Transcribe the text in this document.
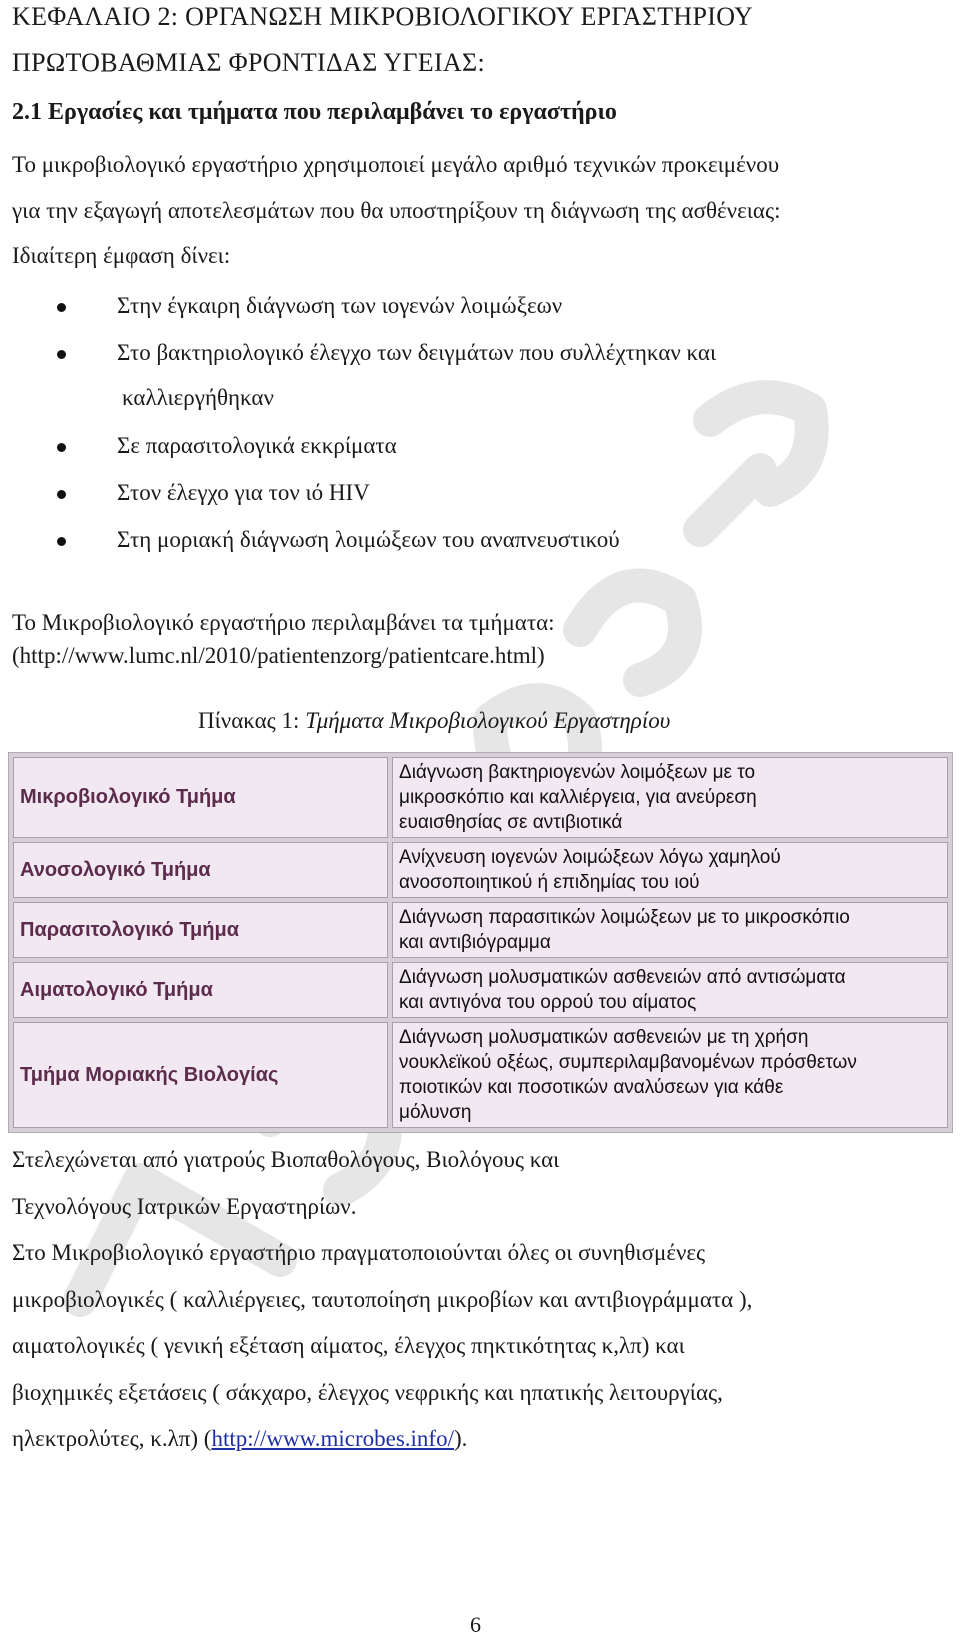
ΚΕΦΑΛΑΙΟ 2: ΟΡΓΑΝΩΣΗ ΜΙΚΡΟΒΙΟΛΟΓΙΚΟΥ ΕΡΓΑΣΤΗΡΙΟΥ
ΠΡΩΤΟΒΑΘΜΙΑΣ ΦΡΟΝΤΙΔΑΣ ΥΓΕΙΑΣ:
2.1 Εργασίες και τμήματα που περιλαμβάνει το εργαστήριο
Το μικροβιολογικό εργαστήριο χρησιμοποιεί μεγάλο αριθμό τεχνικών προκειμένου
για την εξαγωγή αποτελεσμάτων που θα υποστηρίξουν τη διάγνωση της ασθένειας:
Ιδιαίτερη έμφαση δίνει:
Στην έγκαιρη διάγνωση των ιογενών λοιμώξεων
Στο βακτηριολογικό έλεγχο των δειγμάτων που συλλέχτηκαν και
καλλιεργήθηκαν
Σε παρασιτολογικά εκκρίματα
Στον έλεγχο για τον ιό HIV
Στη μοριακή διάγνωση λοιμώξεων του αναπνευστικού
Το Μικροβιολογικό εργαστήριο περιλαμβάνει τα τμήματα:
(http://www.lumc.nl/2010/patientenzorg/patientcare.html)
Πίνακας 1: Τμήματα Μικροβιολογικού Εργαστηρίου
Μικροβιολογικό Τμήμα	Διάγνωση βακτηριογενών λοιμόξεων με το
μικροσκόπιο και καλλιέργεια, για ανεύρεση
ευαισθησίας σε αντιβιοτικά

Ανοσολογικό Τμήμα	Ανίχνευση ιογενών λοιμώξεων λόγω χαμηλού
ανοσοποιητικού ή επιδημίας του ιού

Παρασιτολογικό Τμήμα	Διάγνωση παρασιτικών λοιμώξεων με το μικροσκόπιο
και αντιβιόγραμμα

Αιματολογικό Τμήμα	Διάγνωση μολυσματικών ασθενειών από αντισώματα
και αντιγόνα του ορρού του αίματος

Τμήμα Μοριακής Βιολογίας	Διάγνωση μολυσματικών ασθενειών με τη χρήση
νουκλεϊκού οξέως, συμπεριλαμβανομένων πρόσθετων
ποιοτικών και ποσοτικών αναλύσεων για κάθε
μόλυνση
Στελεχώνεται από γιατρούς Βιοπαθολόγους, Βιολόγους και
Τεχνολόγους Ιατρικών Εργαστηρίων.
Στο Μικροβιολογικό εργαστήριο πραγματοποιούνται όλες οι συνηθισμένες
μικροβιολογικές ( καλλιέργειες, ταυτοποίηση μικροβίων και αντιβιογράμματα ),
αιματολογικές ( γενική εξέταση αίματος, έλεγχος πηκτικότητας κ,λπ) και
βιοχημικές εξετάσεις ( σάκχαρο, έλεγχος νεφρικής και ηπατικής λειτουργίας,
ηλεκτρολύτες, κ.λπ) (http://www.microbes.info/).
6
